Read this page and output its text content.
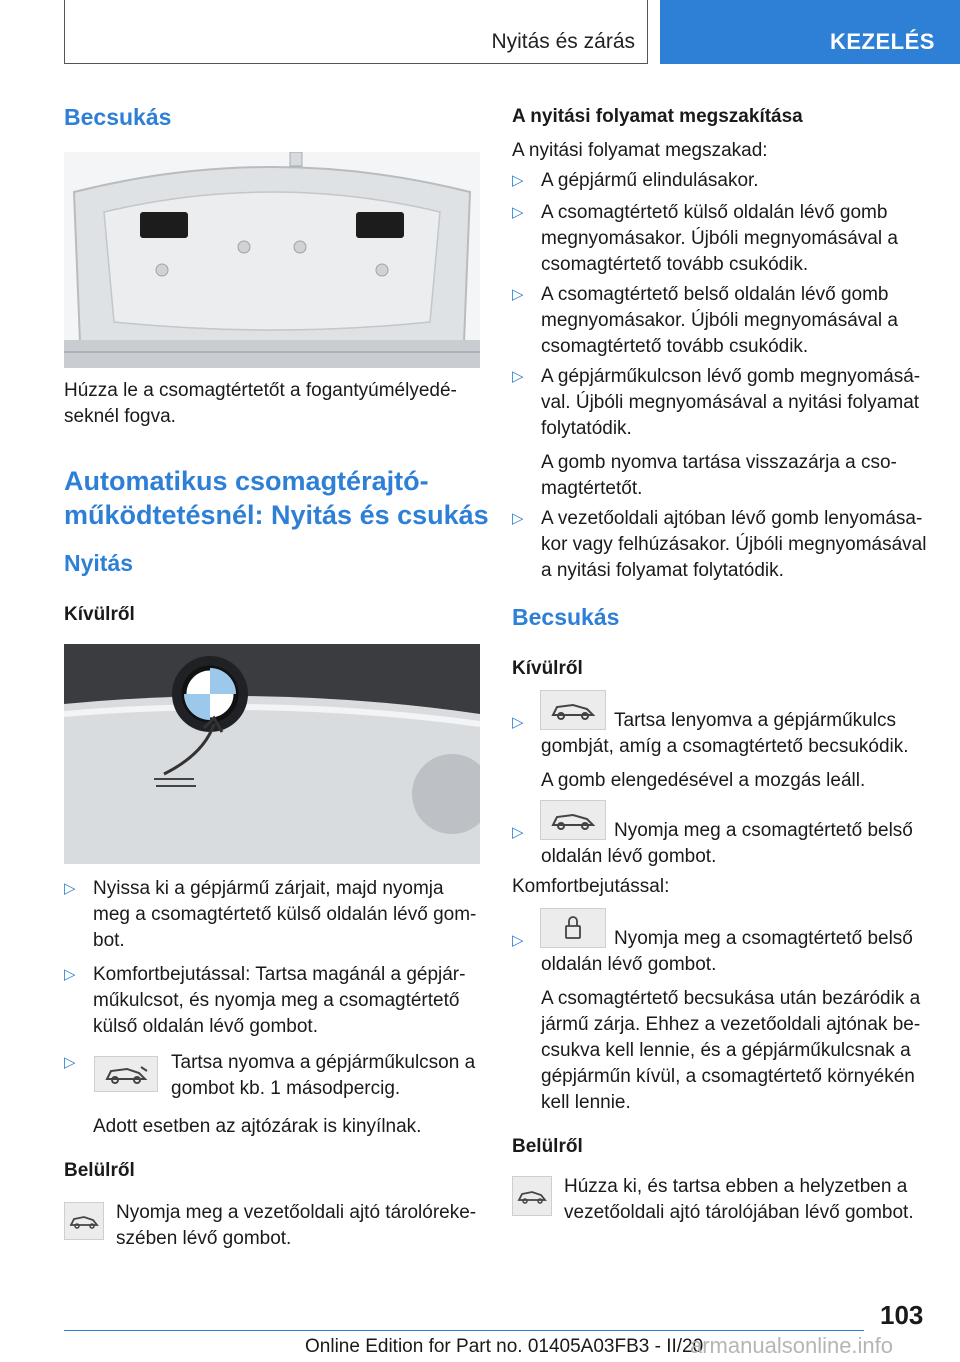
Nyitás és zárás	KEZELÉS
Becsukás

Húzza le a csomagtértetőt a fogantyúmélyedé-

seknél fogva.

Automatikus csomagtérajtó-
működtetésnél: Nyitás és csukás
Nyitás
Kívülről
▷ Nyissa ki a gépjármű zárjait, majd nyomja
meg a csomagtértető külső oldalán lévő gom-
bot.
▷ Komfortbejutással: Tartsa magánál a gépjár-
műkulcsot, és nyomja meg a csomagtértető
külső oldalán lévő gombot.
▷	Tartsa nyomva a gépjárműkulcson a
gombot kb. 1 másodpercig.
Adott esetben az ajtózárak is kinyílnak.
Belülről

Nyomja meg a vezetőoldali ajtó tárolóreke-

szében lévő gombot.

A nyitási folyamat megszakítása

A nyitási folyamat megszakad:

▷ A gépjármű elindulásakor.
▷ A csomagtértető külső oldalán lévő gomb
megnyomásakor. Újbóli megnyomásával a
csomagtértető tovább csukódik.
▷ A csomagtértető belső oldalán lévő gomb
megnyomásakor. Újbóli megnyomásával a
csomagtértető tovább csukódik.
▷ A gépjárműkulcson lévő gomb megnyomásá-
val. Újbóli megnyomásával a nyitási folyamat
folytatódik.
A gomb nyomva tartása visszazárja a cso-
magtértetőt.
▷ A vezetőoldali ajtóban lévő gomb lenyomása-
kor vagy felhúzásakor. Újbóli megnyomásával
a nyitási folyamat folytatódik.
Becsukás
Kívülről
▷	Tartsa lenyomva a gépjárműkulcs
gombját, amíg a csomagtértető becsukódik.
A gomb elengedésével a mozgás leáll.
▷	Nyomja meg a csomagtértető belső
oldalán lévő gombot.

Komfortbejutással:

▷	Nyomja meg a csomagtértető belső
oldalán lévő gombot.
A csomagtértető becsukása után bezáródik a
jármű zárja. Ehhez a vezetőoldali ajtónak be-
csukva kell lennie, és a gépjárműkulcsnak a
gépjárműn kívül, a csomagtértető környékén
kell lennie.
Belülről

Húzza ki, és tartsa ebben a helyzetben a

vezetőoldali ajtó tárolójában lévő gombot.

103
Online Edition for Part no. 01405A03FB3 - II/20
armanualsonline.info
